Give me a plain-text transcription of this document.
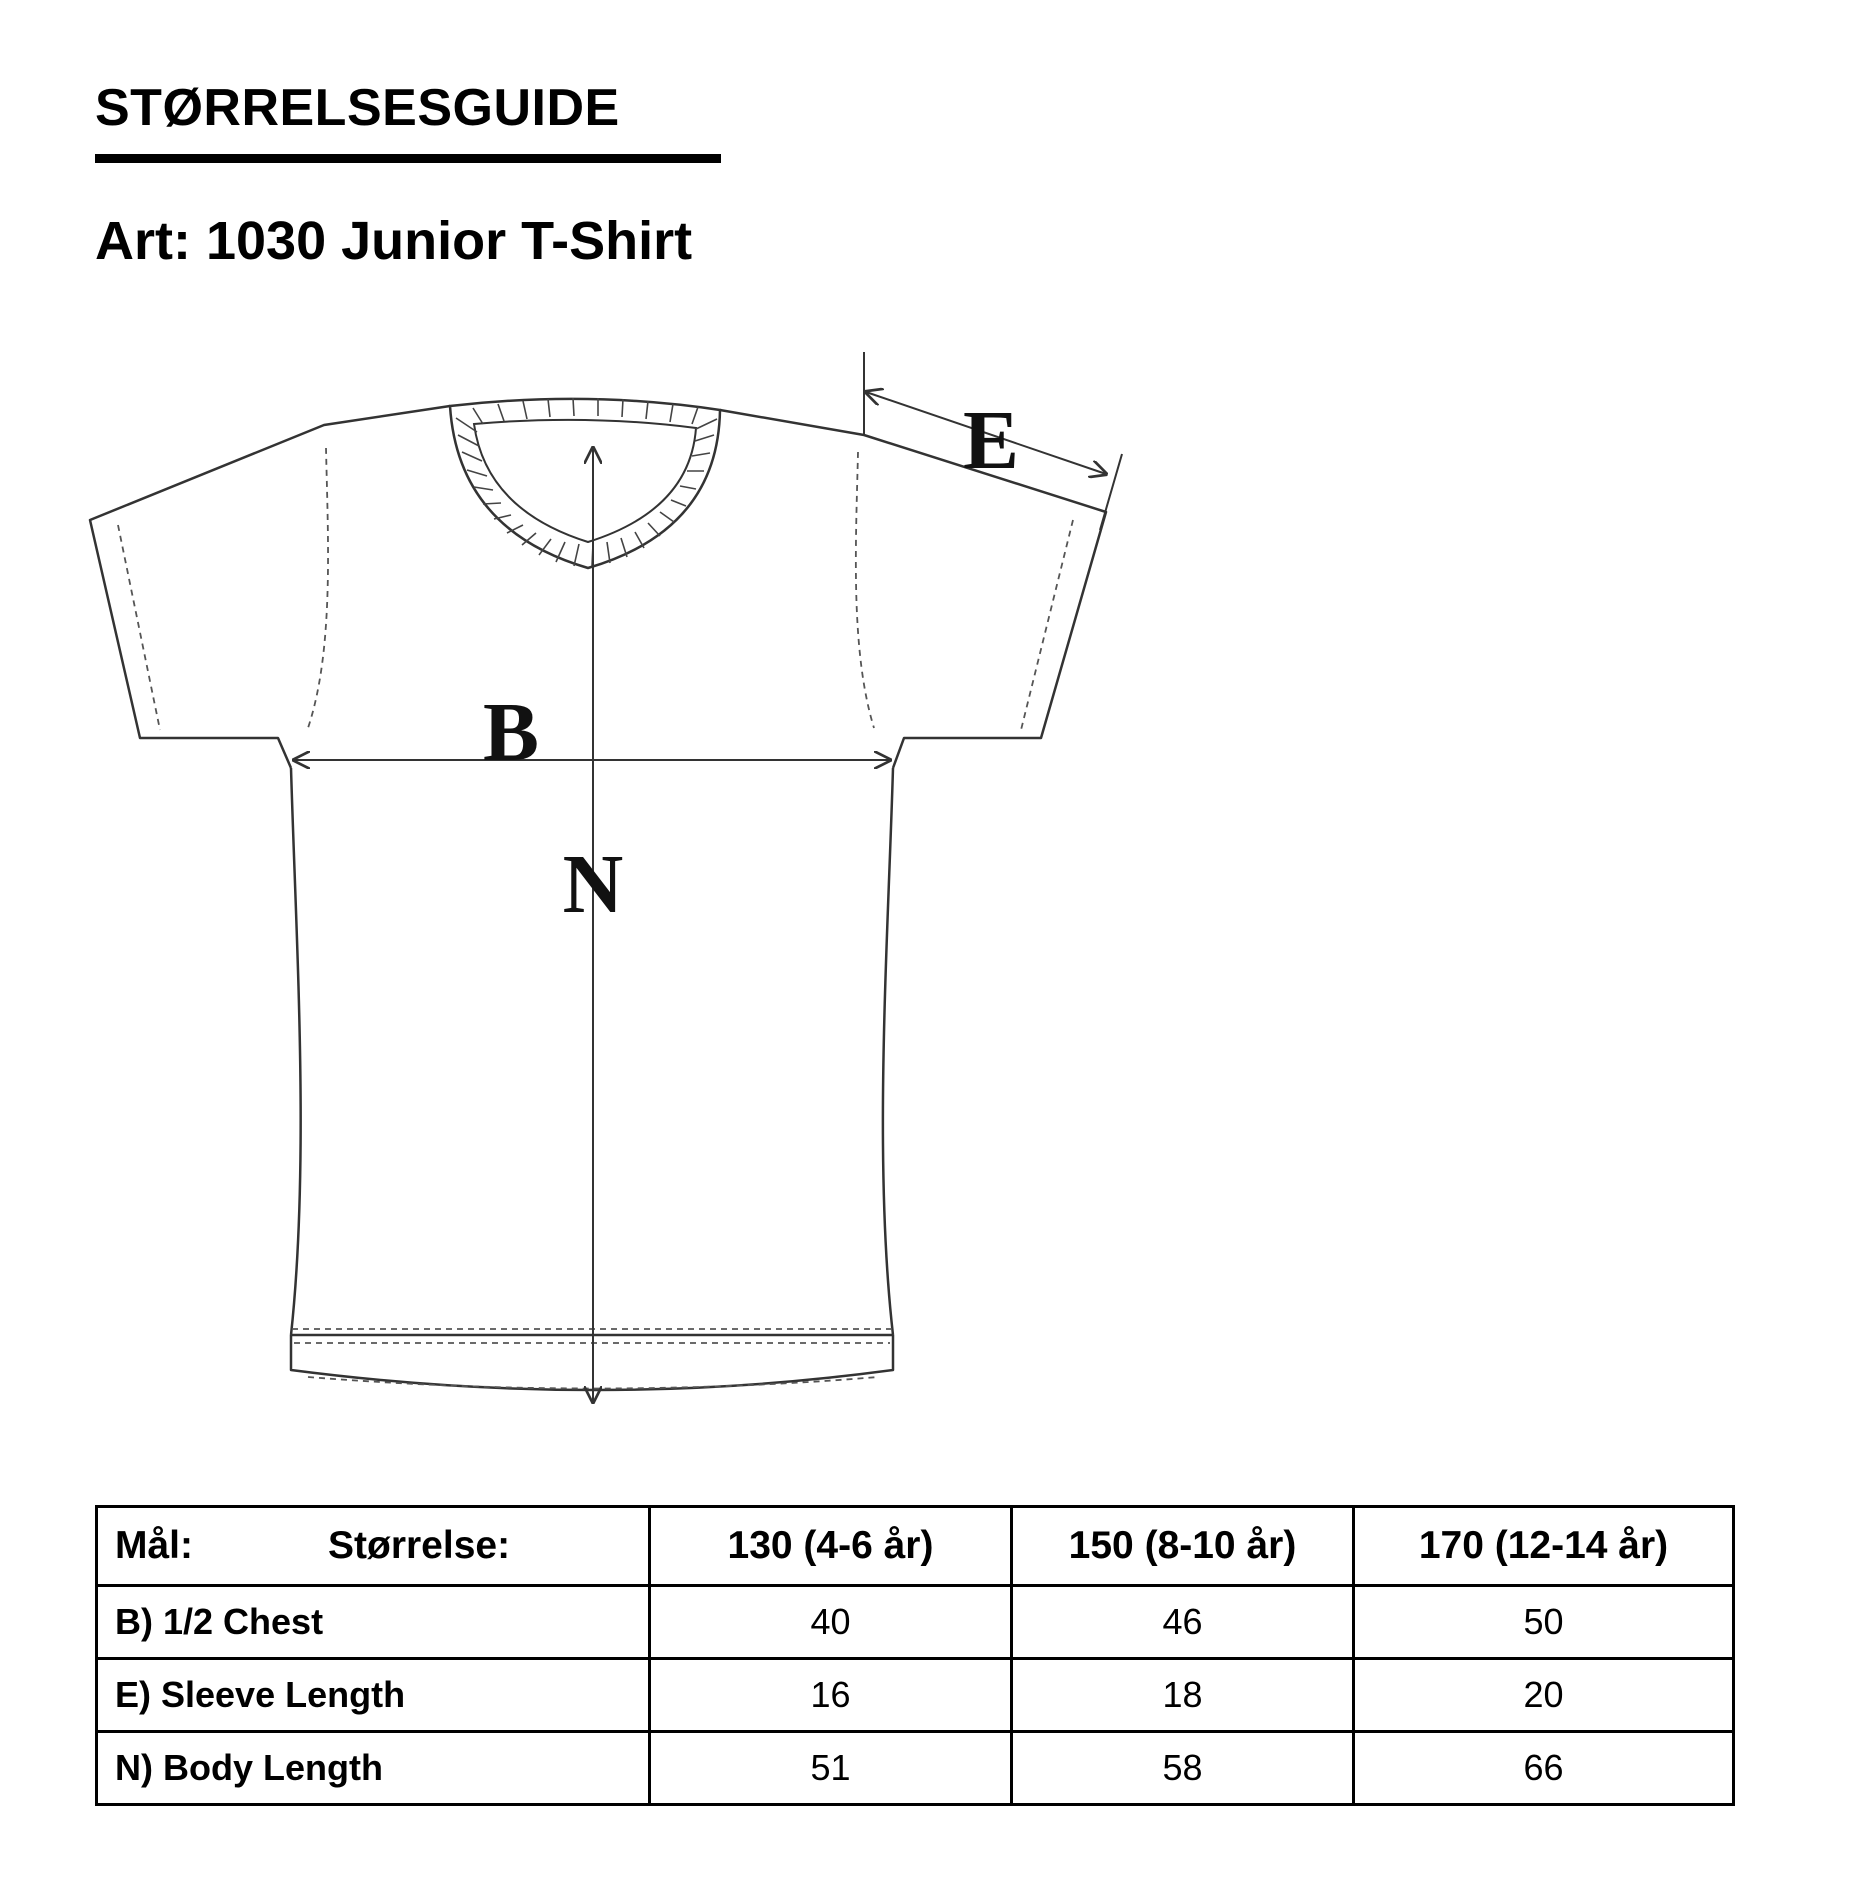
STØRRELSESGUIDE
Art: 1030 Junior T-Shirt
B
N
E
Mål: Størrelse:	130 (4-6 år)	150 (8-10 år)	170 (12-14 år)
B) 1/2 Chest	40	46	50
E) Sleeve Length	16	18	20
N) Body Length	51	58	66
